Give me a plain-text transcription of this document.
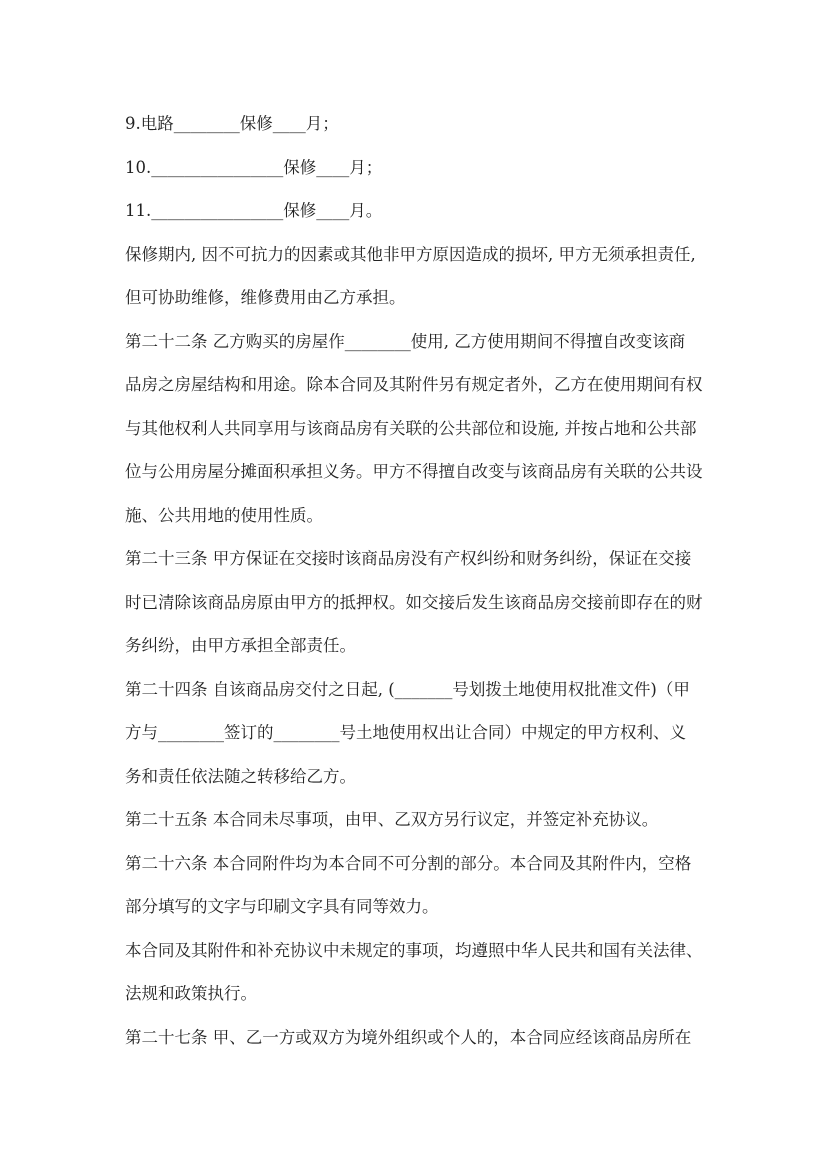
9.电路________保修____月；
10.________________保修____月；
11.________________保修____月。
保修期内, 因不可抗力的因素或其他非甲方原因造成的损坏, 甲方无须承担责任,
但可协助维修，维修费用由乙方承担。
第二十二条 乙方购买的房屋作________使用, 乙方使用期间不得擅自改变该商
品房之房屋结构和用途。除本合同及其附件另有规定者外，乙方在使用期间有权
与其他权利人共同享用与该商品房有关联的公共部位和设施, 并按占地和公共部
位与公用房屋分摊面积承担义务。甲方不得擅自改变与该商品房有关联的公共设
施、公共用地的使用性质。
第二十三条 甲方保证在交接时该商品房没有产权纠纷和财务纠纷，保证在交接
时已清除该商品房原由甲方的抵押权。如交接后发生该商品房交接前即存在的财
务纠纷，由甲方承担全部责任。
第二十四条 自该商品房交付之日起, (_______号划拨土地使用权批准文件)（甲
方与________签订的________号土地使用权出让合同）中规定的甲方权利、义
务和责任依法随之转移给乙方。
第二十五条 本合同未尽事项，由甲、乙双方另行议定，并签定补充协议。
第二十六条 本合同附件均为本合同不可分割的部分。本合同及其附件内，空格
部分填写的文字与印刷文字具有同等效力。
本合同及其附件和补充协议中未规定的事项，均遵照中华人民共和国有关法律、
法规和政策执行。
第二十七条 甲、乙一方或双方为境外组织或个人的，本合同应经该商品房所在
